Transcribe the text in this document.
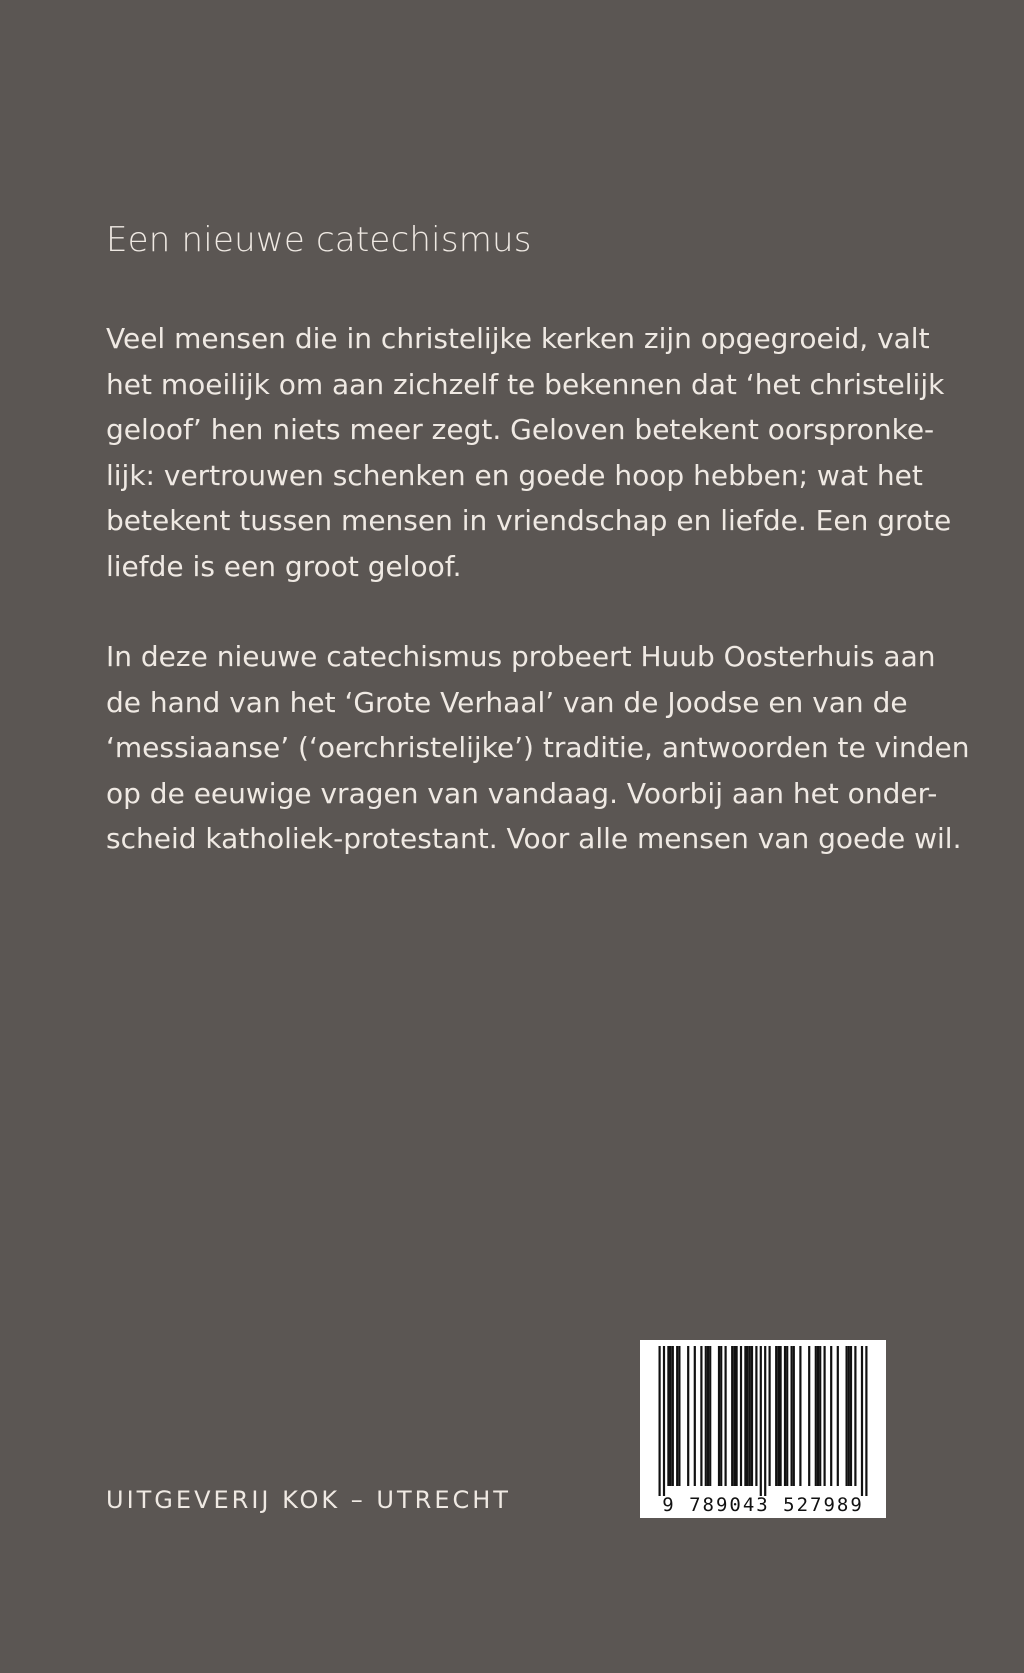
Een nieuwe catechismus
Veel mensen die in christelijke kerken zijn opgegroeid, valt
het moeilijk om aan zichzelf te bekennen dat ‘het christelijk
geloof’ hen niets meer zegt. Geloven betekent oorspronke-
lijk: vertrouwen schenken en goede hoop hebben; wat het
betekent tussen mensen in vriendschap en liefde. Een grote
liefde is een groot geloof.
In deze nieuwe catechismus probeert Huub Oosterhuis aan
de hand van het ‘Grote Verhaal’ van de Joodse en van de
‘messiaanse’ (‘oerchristelijke’) traditie, antwoorden te vinden
op de eeuwige vragen van vandaag. Voorbij aan het onder-
scheid katholiek-protestant. Voor alle mensen van goede wil.
UITGEVERIJ KOK – UTRECHT	9 789043 527989
